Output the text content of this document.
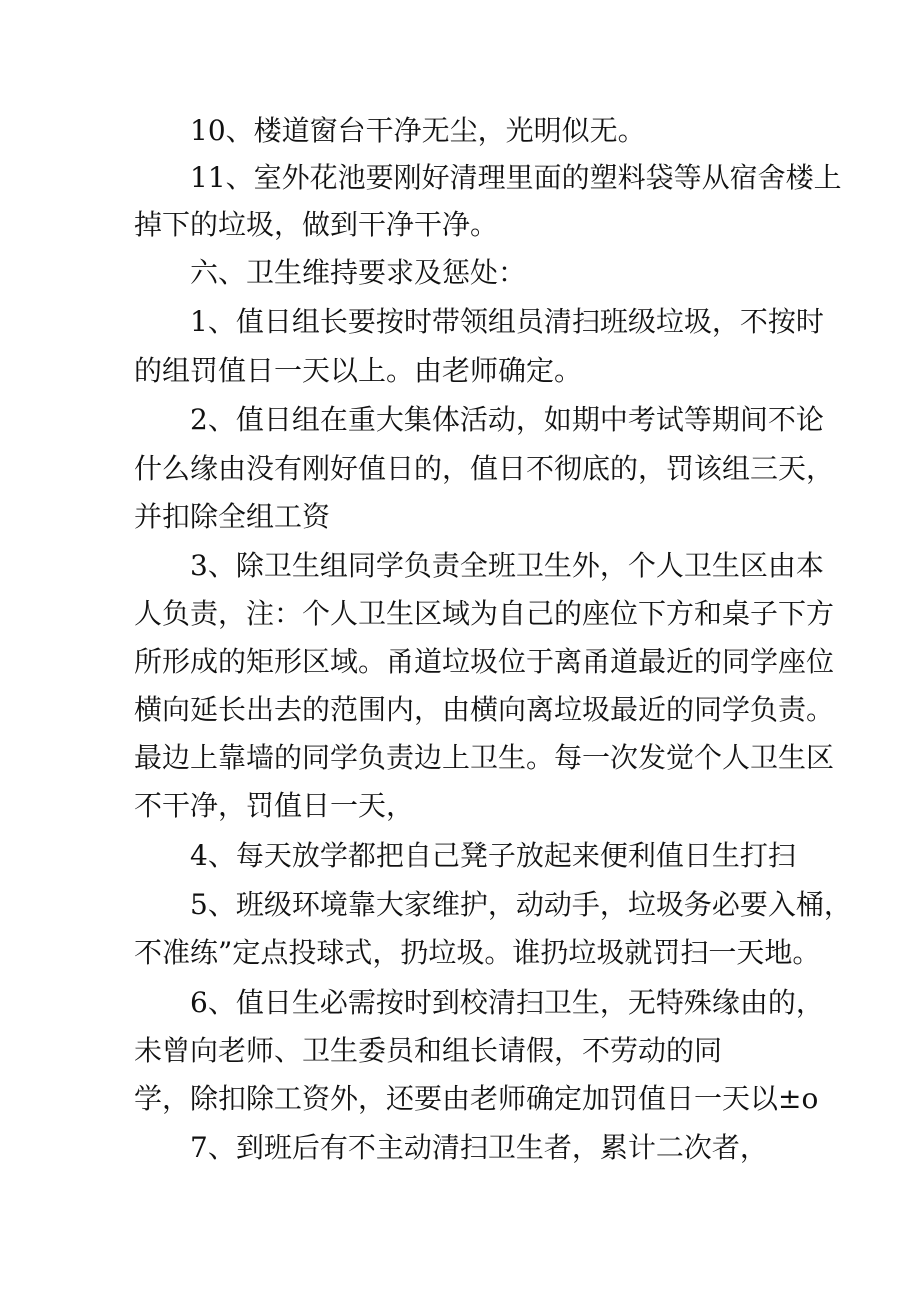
10、楼道窗台干净无尘，光明似无。
11、室外花池要刚好清理里面的塑料袋等从宿舍楼上
掉下的垃圾，做到干净干净。
六、卫生维持要求及惩处：
1、值日组长要按时带领组员清扫班级垃圾，不按时
的组罚值日一天以上。由老师确定。
2、值日组在重大集体活动，如期中考试等期间不论
什么缘由没有刚好值日的，值日不彻底的，罚该组三天，
并扣除全组工资
3、除卫生组同学负责全班卫生外，个人卫生区由本
人负责，注：个人卫生区域为自己的座位下方和桌子下方
所形成的矩形区域。甬道垃圾位于离甬道最近的同学座位
横向延长出去的范围内，由横向离垃圾最近的同学负责。
最边上靠墙的同学负责边上卫生。每一次发觉个人卫生区
不干净，罚值日一天，
4、每天放学都把自己凳子放起来便利值日生打扫
5、班级环境靠大家维护，动动手，垃圾务必要入桶，
不准练”定点投球式，扔垃圾。谁扔垃圾就罚扫一天地。
6、值日生必需按时到校清扫卫生，无特殊缘由的，
未曾向老师、卫生委员和组长请假，不劳动的同
学，除扣除工资外，还要由老师确定加罚值日一天以±o
7、到班后有不主动清扫卫生者，累计二次者，
